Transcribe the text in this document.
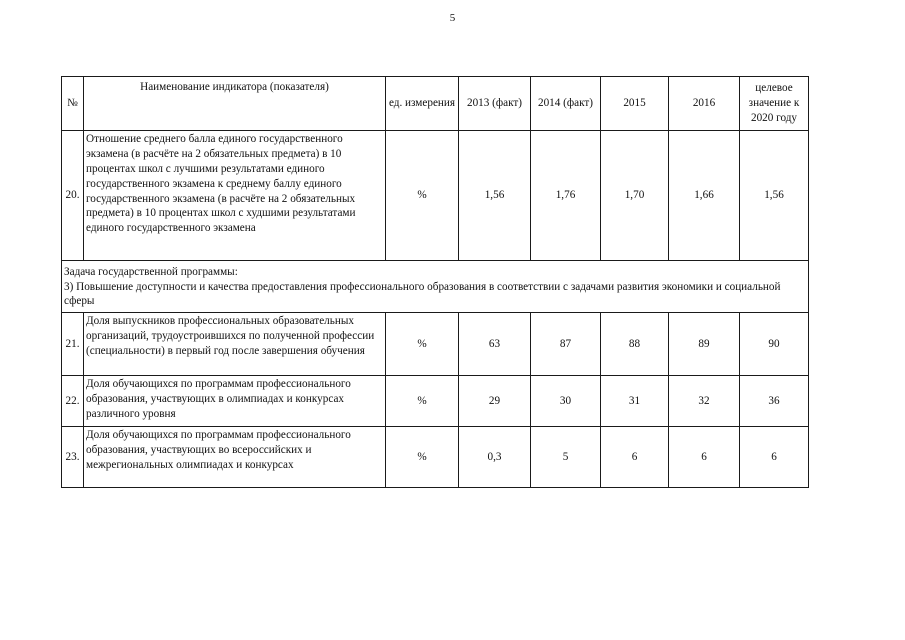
5
№	Наименование индикатора (показателя)	ед. измерения	2013 (факт)	2014 (факт)	2015	2016	целевое значение к 2020 году
20.	Отношение среднего балла единого государственного экзамена (в расчёте на 2 обязательных предмета) в 10 процентах школ с лучшими результатами единого государственного экзамена к среднему баллу единого государственного экзамена (в расчёте на 2 обязательных предмета) в 10 процентах школ с худшими результатами единого государственного экзамена	%	1,56	1,76	1,70	1,66	1,56

Задача государственной программы:
3) Повышение доступности и качества предоставления профессионального образования в соответствии с задачами развития экономики и социальной сферы							

21.	Доля выпускников профессиональных образовательных организаций, трудоустроившихся по полученной профессии (специальности) в первый год после завершения обучения	%	63	87	88	89	90
22.	Доля обучающихся по программам профессионального образования, участвующих в олимпиадах и конкурсах различного уровня	%	29	30	31	32	36
23.	Доля обучающихся по программам профессионального образования, участвующих во всероссийских и межрегиональных олимпиадах и конкурсах	%	0,3	5	6	6	6
